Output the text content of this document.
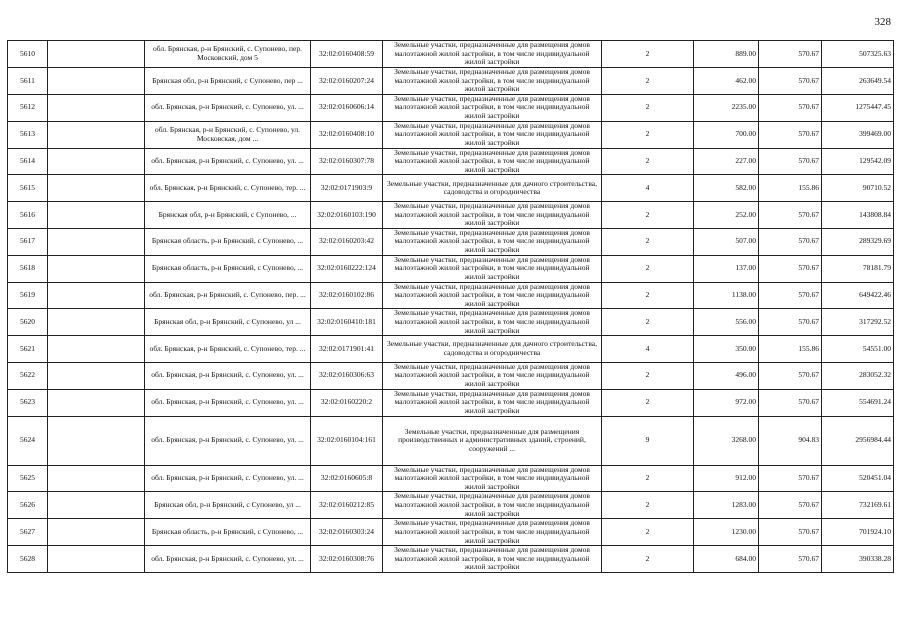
328
5610		обл. Брянская, р-н Брянский, с. Супонево, пер. Московский, дом 5	32:02:0160408:59	Земельные участки, предназначенные для размещения домов малоэтажной жилой застройки, в том числе индивидуальной жилой застройки	2	889.00	570.67	507325.63
5611		Брянская обл, р-н Брянский, с Супонево, пер ...	32:02:0160207:24	Земельные участки, предназначенные для размещения домов малоэтажной жилой застройки, в том числе индивидуальной жилой застройки	2	462.00	570.67	263649.54
5612		обл. Брянская, р-н Брянский, с. Супонево, ул. ...	32:02:0160606:14	Земельные участки, предназначенные для размещения домов малоэтажной жилой застройки, в том числе индивидуальной жилой застройки	2	2235.00	570.67	1275447.45
5613		обл. Брянская, р-н Брянский, с. Супонево, ул. Московская, дом ...	32:02:0160408:10	Земельные участки, предназначенные для размещения домов малоэтажной жилой застройки, в том числе индивидуальной жилой застройки	2	700.00	570.67	399469.00
5614		обл. Брянская, р-н Брянский, с. Супонево, ул. ...	32:02:0160307:78	Земельные участки, предназначенные для размещения домов малоэтажной жилой застройки, в том числе индивидуальной жилой застройки	2	227.00	570.67	129542.09
5615		обл. Брянская, р-н Брянский, с. Супонево, тер. ...	32:02:0171903:9	Земельные участки, предназначенные для дачного строительства, садоводства и огородничества	4	582.00	155.86	90710.52
5616		Брянская обл, р-н Брянский, с Супонево, ...	32:02:0160103:190	Земельные участки, предназначенные для размещения домов малоэтажной жилой застройки, в том числе индивидуальной жилой застройки	2	252.00	570.67	143808.84
5617		Брянская область, р-н Брянский, с Супонево, ...	32:02:0160203:42	Земельные участки, предназначенные для размещения домов малоэтажной жилой застройки, в том числе индивидуальной жилой застройки	2	507.00	570.67	289329.69
5618		Брянская область, р-н Брянский, с Супонево, ...	32:02:0160222:124	Земельные участки, предназначенные для размещения домов малоэтажной жилой застройки, в том числе индивидуальной жилой застройки	2	137.00	570.67	78181.79
5619		обл. Брянская, р-н Брянский, с. Супонево, пер. ...	32:02:0160102:86	Земельные участки, предназначенные для размещения домов малоэтажной жилой застройки, в том числе индивидуальной жилой застройки	2	1138.00	570.67	649422.46
5620		Брянская обл, р-н Брянский, с Супонево, ул ...	32:02:0160410:181	Земельные участки, предназначенные для размещения домов малоэтажной жилой застройки, в том числе индивидуальной жилой застройки	2	556.00	570.67	317292.52
5621		обл. Брянская, р-н Брянский, с. Супонево, тер. ...	32:02:0171901:41	Земельные участки, предназначенные для дачного строительства, садоводства и огородничества	4	350.00	155.86	54551.00
5622		обл. Брянская, р-н Брянский, с. Супонево, ул. ...	32:02:0160306:63	Земельные участки, предназначенные для размещения домов малоэтажной жилой застройки, в том числе индивидуальной жилой застройки	2	496.00	570.67	283052.32
5623		обл. Брянская, р-н Брянский, с. Супонево, ул. ...	32:02:0160220:2	Земельные участки, предназначенные для размещения домов малоэтажной жилой застройки, в том числе индивидуальной жилой застройки	2	972.00	570.67	554691.24
5624		обл. Брянская, р-н Брянский, с. Супонево, ул. ...	32:02:0160104:161	Земельные участки, предназначенные для размещения производственных и административных зданий, строений, сооружений ...	9	3268.00	904.83	2956984.44
5625		обл. Брянская, р-н Брянский, с. Супонево, ул. ...	32:02:0160605:8	Земельные участки, предназначенные для размещения домов малоэтажной жилой застройки, в том числе индивидуальной жилой застройки	2	912.00	570.67	520451.04
5626		Брянская обл, р-н Брянский, с Супонево, ул ...	32:02:0160212:85	Земельные участки, предназначенные для размещения домов малоэтажной жилой застройки, в том числе индивидуальной жилой застройки	2	1283.00	570.67	732169.61
5627		Брянская область, р-н Брянский, с Супонево, ...	32:02:0160303:24	Земельные участки, предназначенные для размещения домов малоэтажной жилой застройки, в том числе индивидуальной жилой застройки	2	1230.00	570.67	701924.10
5628		обл. Брянская, р-н Брянский, с. Супонево, ул. ...	32:02:0160308:76	Земельные участки, предназначенные для размещения домов малоэтажной жилой застройки, в том числе индивидуальной жилой застройки	2	684.00	570.67	390338.28
